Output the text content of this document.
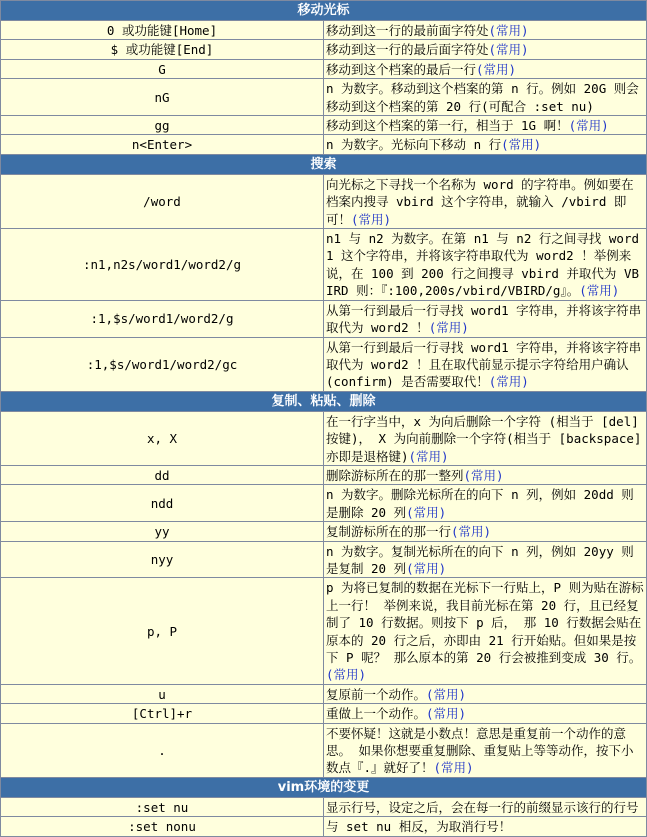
移动光标	
0 或功能键[Home]	移动到这一行的最前面字符处(常用)
$ 或功能键[End]	移动到这一行的最后面字符处(常用)
G	移动到这个档案的最后一行(常用)
nG	n 为数字。移动到这个档案的第 n 行。例如 20G 则会移动到这个档案的第 20 行(可配合 :set nu)
gg	移动到这个档案的第一行，相当于 1G 啊！(常用)
n<Enter>	n 为数字。光标向下移动 n 行(常用)
搜索	
/word	向光标之下寻找一个名称为 word 的字符串。例如要在档案内搜寻 vbird 这个字符串，就输入 /vbird 即可！(常用)
:n1,n2s/word1/word2/g	n1 与 n2 为数字。在第 n1 与 n2 行之间寻找 word1 这个字符串，并将该字符串取代为 word2 ！举例来说，在 100 到 200 行之间搜寻 vbird 并取代为 VBIRD 则：『:100,200s/vbird/VBIRD/g』。(常用)
:1,$s/word1/word2/g	从第一行到最后一行寻找 word1 字符串，并将该字符串取代为 word2 ！(常用)
:1,$s/word1/word2/gc	从第一行到最后一行寻找 word1 字符串，并将该字符串取代为 word2 ！且在取代前显示提示字符给用户确认 (confirm) 是否需要取代！(常用)
复制、粘贴、删除	
x, X	在一行字当中，x 为向后删除一个字符 (相当于 [del] 按键)， X 为向前删除一个字符(相当于 [backspace] 亦即是退格键)(常用)
dd	删除游标所在的那一整列(常用)
ndd	n 为数字。删除光标所在的向下 n 列，例如 20dd 则是删除 20 列(常用)
yy	复制游标所在的那一行(常用)
nyy	n 为数字。复制光标所在的向下 n 列，例如 20yy 则是复制 20 列(常用)
p, P	p 为将已复制的数据在光标下一行贴上，P 则为贴在游标上一行！ 举例来说，我目前光标在第 20 行，且已经复制了 10 行数据。则按下 p 后， 那 10 行数据会贴在原本的 20 行之后，亦即由 21 行开始贴。但如果是按下 P 呢？ 那么原本的第 20 行会被推到变成 30 行。(常用)
u	复原前一个动作。(常用)
[Ctrl]+r	重做上一个动作。(常用)
.	不要怀疑！这就是小数点！意思是重复前一个动作的意思。 如果你想要重复删除、重复贴上等等动作，按下小数点『.』就好了！(常用)
vim环境的变更	
:set nu	显示行号，设定之后，会在每一行的前缀显示该行的行号
:set nonu	与 set nu 相反，为取消行号！
